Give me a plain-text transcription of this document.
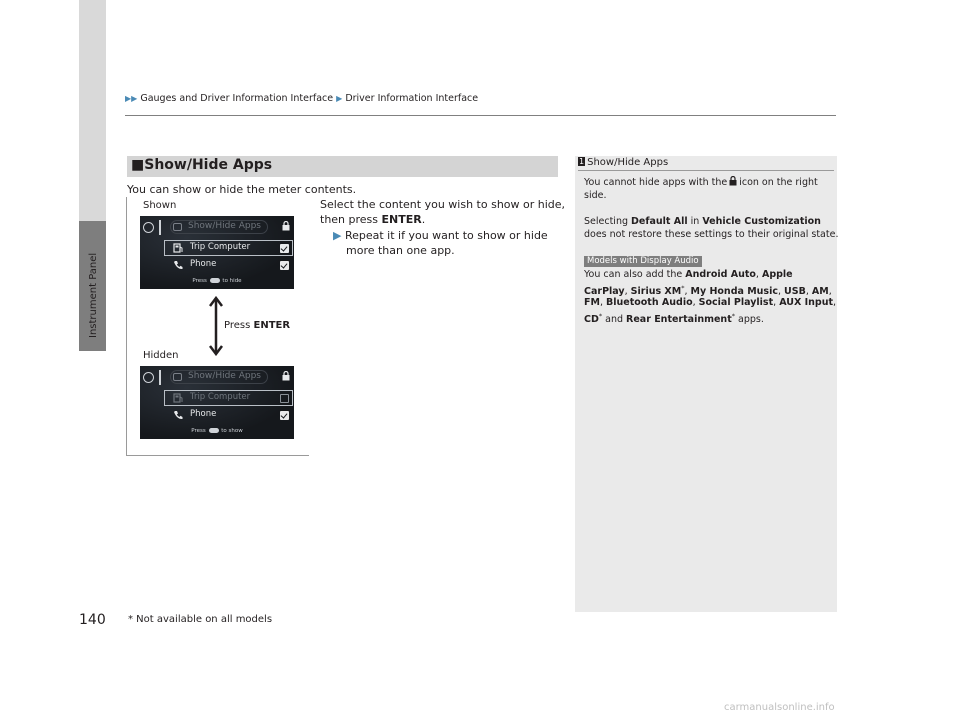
Instrument Panel
▶▶ Gauges and Driver Information Interface ▶ Driver Information Interface
■Show/Hide Apps
You can show or hide the meter contents.
Select the content you wish to show or hide,
then press ENTER.
▶ Repeat it if you want to show or hide
more than one app.
Shown
Hidden
Press ENTER
Show/Hide Apps
Trip Computer
Phone
Press	to hide
Show/Hide Apps
Trip Computer
Phone
Press	to show
1 Show/Hide Apps
You cannot hide apps with the icon on the right
side.
Selecting Default All in Vehicle Customization
does not restore these settings to their original state.
Models with Display Audio
You can also add the Android Auto, Apple
CarPlay, Sirius XM*, My Honda Music, USB, AM,
FM, Bluetooth Audio, Social Playlist, AUX Input,
CD* and Rear Entertainment* apps.
140 * Not available on all models
carmanualsonline.info
